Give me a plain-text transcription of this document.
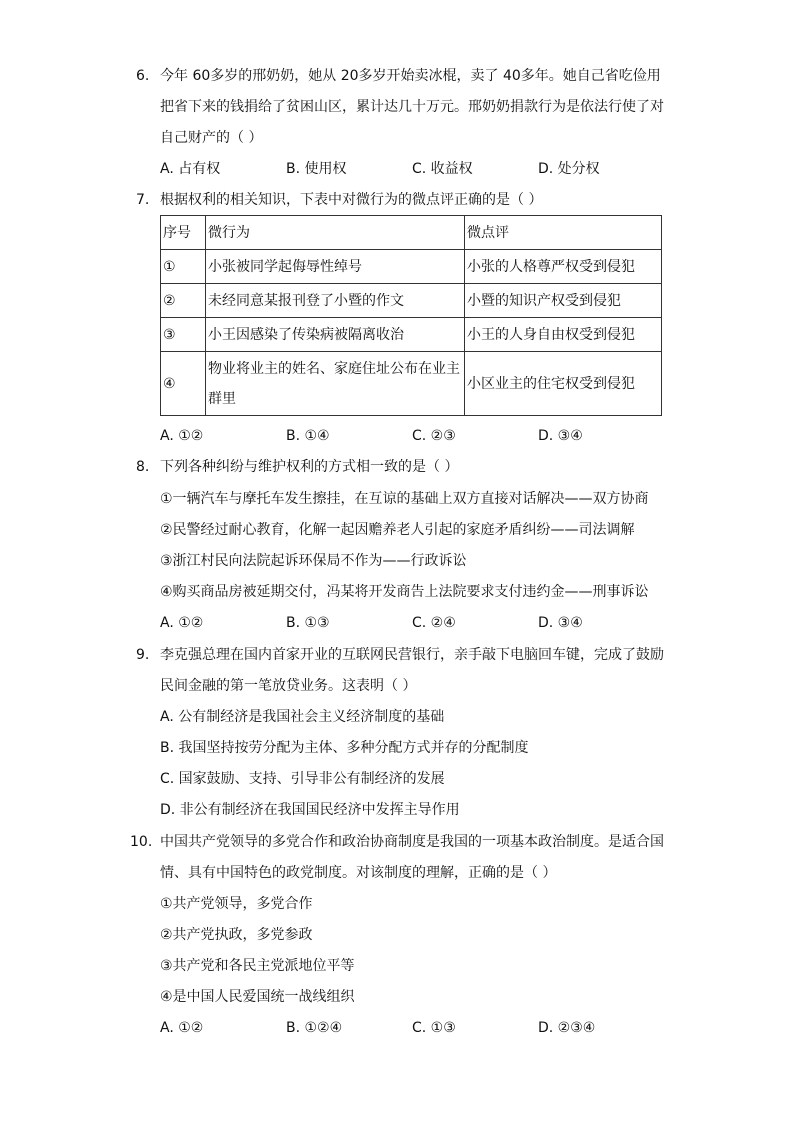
6. 今年 60多岁的邢奶奶，她从 20多岁开始卖冰棍，卖了 40多年。她自己省吃俭用
把省下来的钱捐给了贫困山区，累计达几十万元。邢奶奶捐款行为是依法行使了对
自己财产的（ ）
A. 占有权	B. 使用权	C. 收益权	D. 处分权
7. 根据权利的相关知识，下表中对微行为的微点评正确的是（ ）
序号	微行为	微点评
①	小张被同学起侮辱性绰号	小张的人格尊严权受到侵犯
②	未经同意某报刊登了小暨的作文	小暨的知识产权受到侵犯
③	小王因感染了传染病被隔离收治	小王的人身自由权受到侵犯
④	物业将业主的姓名、家庭住址公布在业主群里	小区业主的住宅权受到侵犯
A. ①②	B. ①④	C. ②③	D. ③④
8. 下列各种纠纷与维护权利的方式相一致的是（ ）
①一辆汽车与摩托车发生擦挂，在互谅的基础上双方直接对话解决——双方协商
②民警经过耐心教育，化解一起因赡养老人引起的家庭矛盾纠纷——司法调解
③浙江村民向法院起诉环保局不作为——行政诉讼
④购买商品房被延期交付，冯某将开发商告上法院要求支付违约金——刑事诉讼
A. ①②	B. ①③	C. ②④	D. ③④
9. 李克强总理在国内首家开业的互联网民营银行，亲手敲下电脑回车键，完成了鼓励
民间金融的第一笔放贷业务。这表明（ ）
A. 公有制经济是我国社会主义经济制度的基础
B. 我国坚持按劳分配为主体、多种分配方式并存的分配制度
C. 国家鼓励、支持、引导非公有制经济的发展
D. 非公有制经济在我国国民经济中发挥主导作用
10. 中国共产党领导的多党合作和政治协商制度是我国的一项基本政治制度。是适合国
情、具有中国特色的政党制度。对该制度的理解，正确的是（ ）
①共产党领导，多党合作
②共产党执政，多党参政
③共产党和各民主党派地位平等
④是中国人民爱国统一战线组织
A. ①②	B. ①②④	C. ①③	D. ②③④
